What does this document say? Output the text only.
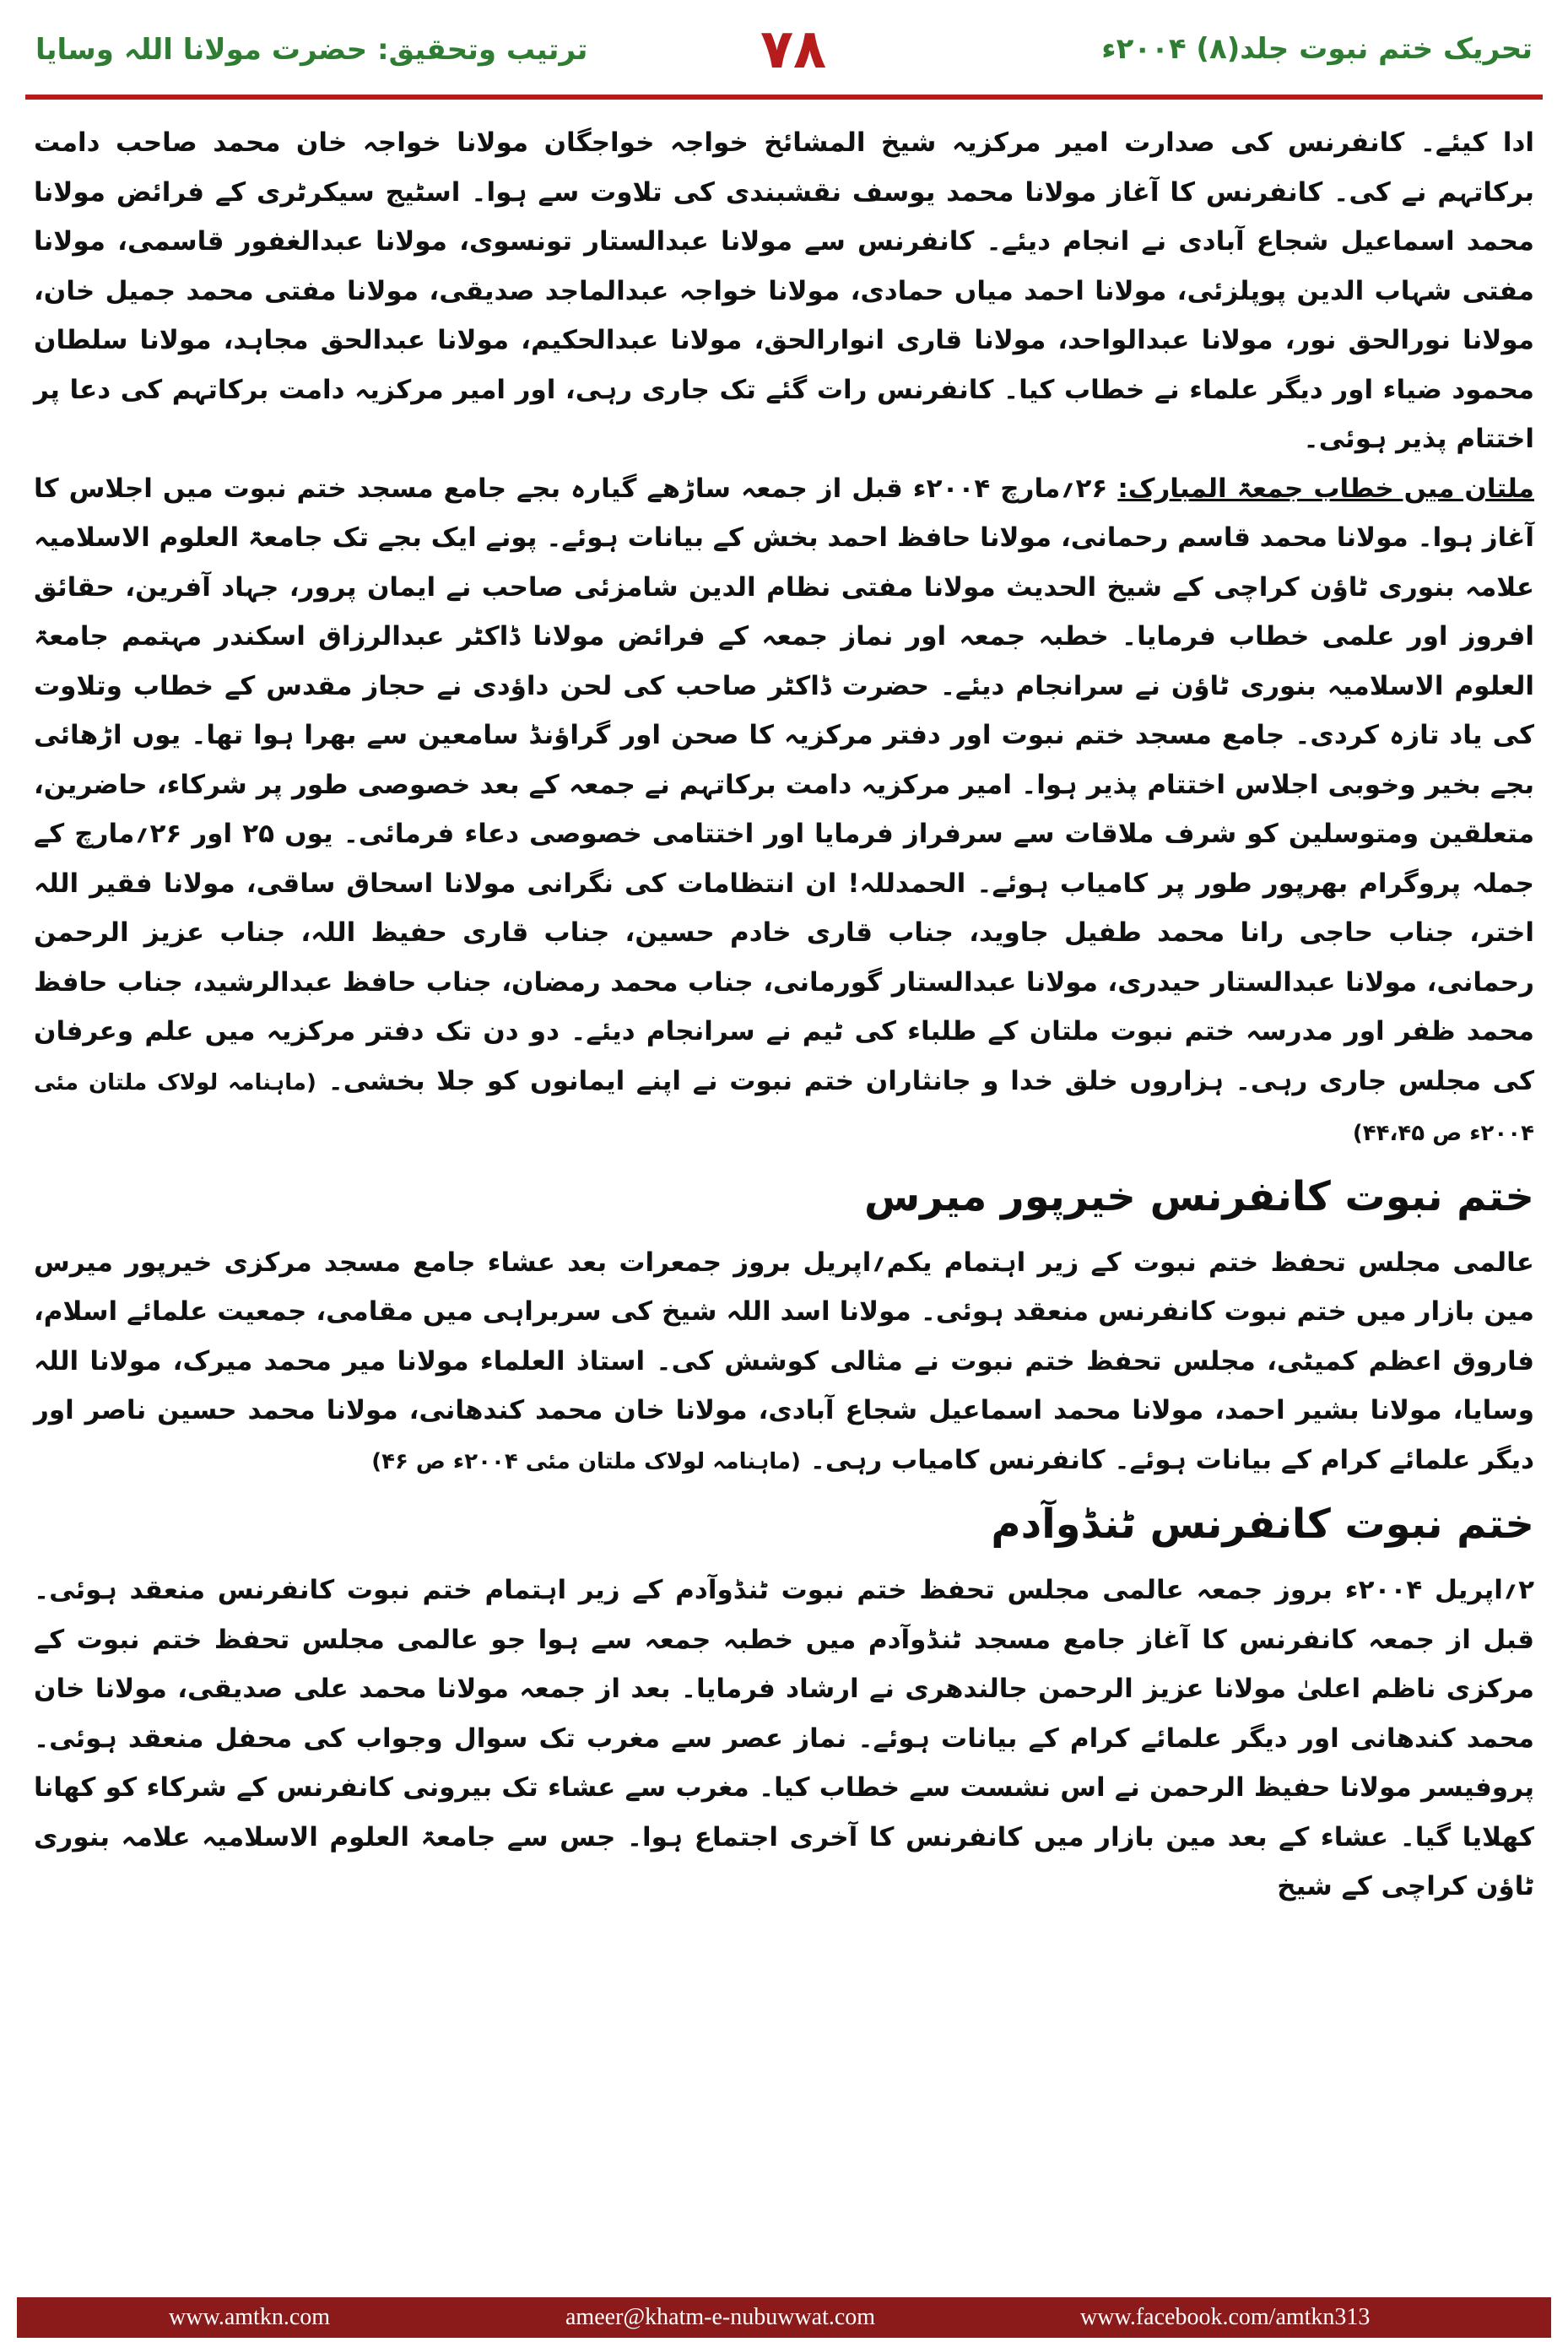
ترتیب وتحقیق: حضرت مولانا اللہ وسایا	۷۸	تحریک ختم نبوت جلد(۸) ۲۰۰۴ء

ادا کیئے۔ کانفرنس کی صدارت امیر مرکزیہ شیخ المشائخ خواجہ خواجگان مولانا خواجہ خان محمد صاحب دامت برکاتہم نے کی۔ کانفرنس کا آغاز مولانا محمد یوسف نقشبندی کی تلاوت سے ہوا۔ اسٹیج سیکرٹری کے فرائض مولانا محمد اسماعیل شجاع آبادی نے انجام دیئے۔ کانفرنس سے مولانا عبدالستار تونسوی، مولانا عبدالغفور قاسمی، مولانا مفتی شہاب الدین پوپلزئی، مولانا احمد میاں حمادی، مولانا خواجہ عبدالماجد صدیقی، مولانا مفتی محمد جمیل خان، مولانا نورالحق نور، مولانا عبدالواحد، مولانا قاری انوارالحق، مولانا عبدالحکیم، مولانا عبدالحق مجاہد، مولانا سلطان محمود ضیاء اور دیگر علماء نے خطاب کیا۔ کانفرنس رات گئے تک جاری رہی، اور امیر مرکزیہ دامت برکاتہم کی دعا پر اختتام پذیر ہوئی۔

ملتان میں خطاب جمعۃ المبارک: ۲۶؍مارچ ۲۰۰۴ء قبل از جمعہ ساڑھے گیارہ بجے جامع مسجد ختم نبوت میں اجلاس کا آغاز ہوا۔ مولانا محمد قاسم رحمانی، مولانا حافظ احمد بخش کے بیانات ہوئے۔ پونے ایک بجے تک جامعۃ العلوم الاسلامیہ علامہ بنوری ٹاؤن کراچی کے شیخ الحدیث مولانا مفتی نظام الدین شامزئی صاحب نے ایمان پرور، جہاد آفرین، حقائق افروز اور علمی خطاب فرمایا۔ خطبہ جمعہ اور نماز جمعہ کے فرائض مولانا ڈاکٹر عبدالرزاق اسکندر مہتمم جامعۃ العلوم الاسلامیہ بنوری ٹاؤن نے سرانجام دیئے۔ حضرت ڈاکٹر صاحب کی لحن داؤدی نے حجاز مقدس کے خطاب وتلاوت کی یاد تازہ کردی۔ جامع مسجد ختم نبوت اور دفتر مرکزیہ کا صحن اور گراؤنڈ سامعین سے بھرا ہوا تھا۔ یوں اڑھائی بجے بخیر وخوبی اجلاس اختتام پذیر ہوا۔ امیر مرکزیہ دامت برکاتہم نے جمعہ کے بعد خصوصی طور پر شرکاء، حاضرین، متعلقین ومتوسلین کو شرف ملاقات سے سرفراز فرمایا اور اختتامی خصوصی دعاء فرمائی۔ یوں ۲۵ اور ۲۶؍مارچ کے جملہ پروگرام بھرپور طور پر کامیاب ہوئے۔ الحمدللہ! ان انتظامات کی نگرانی مولانا اسحاق ساقی، مولانا فقیر اللہ اختر، جناب حاجی رانا محمد طفیل جاوید، جناب قاری خادم حسین، جناب قاری حفیظ اللہ، جناب عزیز الرحمن رحمانی، مولانا عبدالستار حیدری، مولانا عبدالستار گورمانی، جناب محمد رمضان، جناب حافظ عبدالرشید، جناب حافظ محمد ظفر اور مدرسہ ختم نبوت ملتان کے طلباء کی ٹیم نے سرانجام دیئے۔ دو دن تک دفتر مرکزیہ میں علم وعرفان کی مجلس جاری رہی۔ ہزاروں خلق خدا و جانثاران ختم نبوت نے اپنے ایمانوں کو جلا بخشی۔ (ماہنامہ لولاک ملتان مئی ۲۰۰۴ء ص ۴۴،۴۵)

ختم نبوت کانفرنس خیرپور میرس

عالمی مجلس تحفظ ختم نبوت کے زیر اہتمام یکم؍اپریل بروز جمعرات بعد عشاء جامع مسجد مرکزی خیرپور میرس مین بازار میں ختم نبوت کانفرنس منعقد ہوئی۔ مولانا اسد اللہ شیخ کی سربراہی میں مقامی، جمعیت علمائے اسلام، فاروق اعظم کمیٹی، مجلس تحفظ ختم نبوت نے مثالی کوشش کی۔ استاذ العلماء مولانا میر محمد میرک، مولانا اللہ وسایا، مولانا بشیر احمد، مولانا محمد اسماعیل شجاع آبادی، مولانا خان محمد کندھانی، مولانا محمد حسین ناصر اور دیگر علمائے کرام کے بیانات ہوئے۔ کانفرنس کامیاب رہی۔ (ماہنامہ لولاک ملتان مئی ۲۰۰۴ء ص ۴۶)

ختم نبوت کانفرنس ٹنڈوآدم

۲؍اپریل ۲۰۰۴ء بروز جمعہ عالمی مجلس تحفظ ختم نبوت ٹنڈوآدم کے زیر اہتمام ختم نبوت کانفرنس منعقد ہوئی۔ قبل از جمعہ کانفرنس کا آغاز جامع مسجد ٹنڈوآدم میں خطبہ جمعہ سے ہوا جو عالمی مجلس تحفظ ختم نبوت کے مرکزی ناظم اعلیٰ مولانا عزیز الرحمن جالندھری نے ارشاد فرمایا۔ بعد از جمعہ مولانا محمد علی صدیقی، مولانا خان محمد کندھانی اور دیگر علمائے کرام کے بیانات ہوئے۔ نماز عصر سے مغرب تک سوال وجواب کی محفل منعقد ہوئی۔ پروفیسر مولانا حفیظ الرحمن نے اس نشست سے خطاب کیا۔ مغرب سے عشاء تک بیرونی کانفرنس کے شرکاء کو کھانا کھلایا گیا۔ عشاء کے بعد مین بازار میں کانفرنس کا آخری اجتماع ہوا۔ جس سے جامعۃ العلوم الاسلامیہ علامہ بنوری ٹاؤن کراچی کے شیخ

www.amtkn.com	ameer@khatm-e-nubuwwat.com	www.facebook.com/amtkn313
